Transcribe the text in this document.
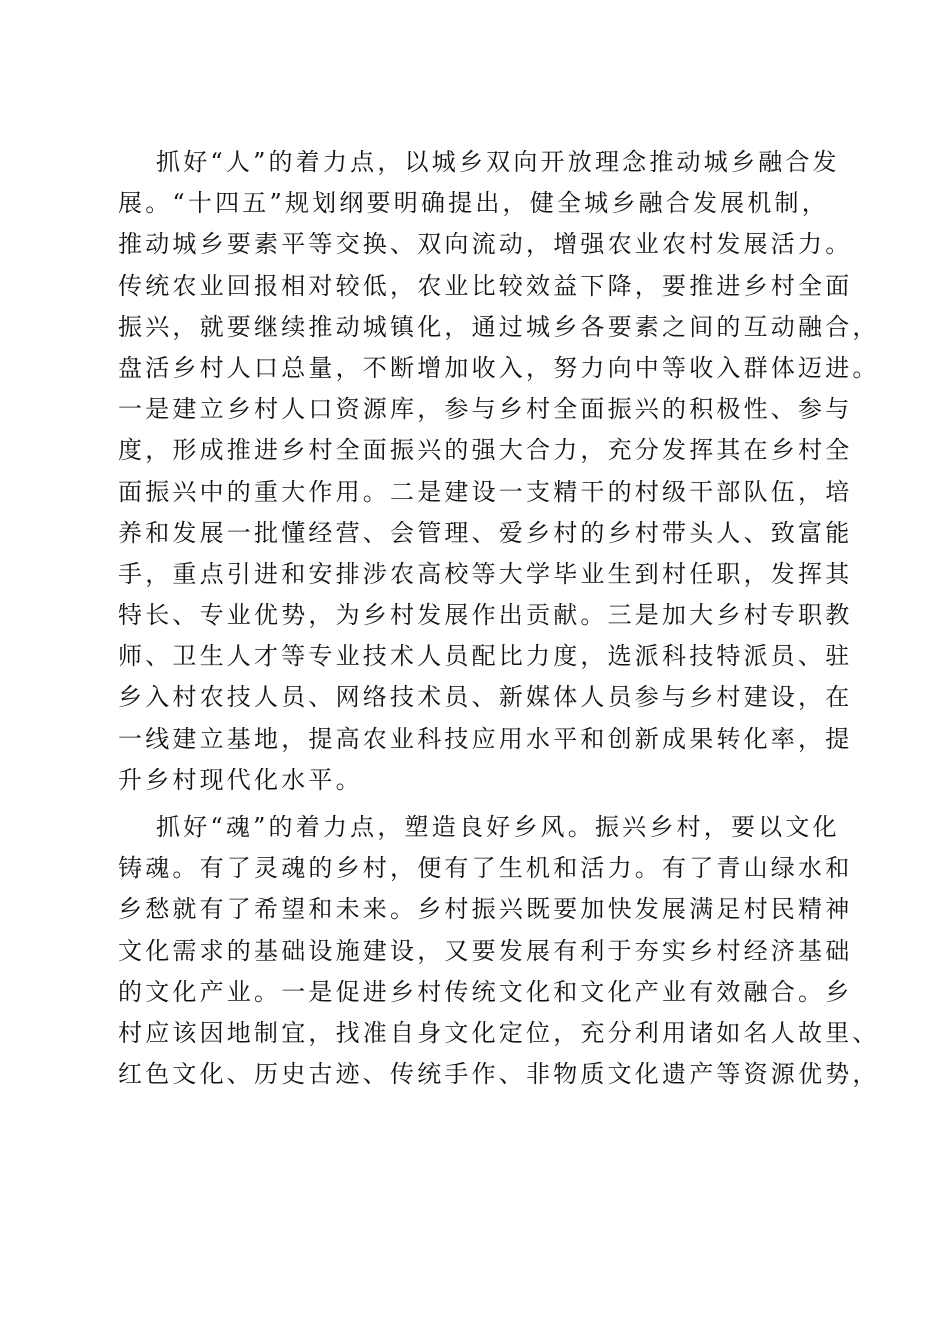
抓好“人”的着力点，以城乡双向开放理念推动城乡融合发
展。“十四五”规划纲要明确提出，健全城乡融合发展机制，
推动城乡要素平等交换、双向流动，增强农业农村发展活力。
传统农业回报相对较低，农业比较效益下降，要推进乡村全面
振兴，就要继续推动城镇化，通过城乡各要素之间的互动融合，
盘活乡村人口总量，不断增加收入，努力向中等收入群体迈进。
一是建立乡村人口资源库，参与乡村全面振兴的积极性、参与
度，形成推进乡村全面振兴的强大合力，充分发挥其在乡村全
面振兴中的重大作用。二是建设一支精干的村级干部队伍，培
养和发展一批懂经营、会管理、爱乡村的乡村带头人、致富能
手，重点引进和安排涉农高校等大学毕业生到村任职，发挥其
特长、专业优势，为乡村发展作出贡献。三是加大乡村专职教
师、卫生人才等专业技术人员配比力度，选派科技特派员、驻
乡入村农技人员、网络技术员、新媒体人员参与乡村建设，在
一线建立基地，提高农业科技应用水平和创新成果转化率，提
升乡村现代化水平。
抓好“魂”的着力点，塑造良好乡风。振兴乡村，要以文化
铸魂。有了灵魂的乡村，便有了生机和活力。有了青山绿水和
乡愁就有了希望和未来。乡村振兴既要加快发展满足村民精神
文化需求的基础设施建设，又要发展有利于夯实乡村经济基础
的文化产业。一是促进乡村传统文化和文化产业有效融合。乡
村应该因地制宜，找准自身文化定位，充分利用诸如名人故里、
红色文化、历史古迹、传统手作、非物质文化遗产等资源优势，
